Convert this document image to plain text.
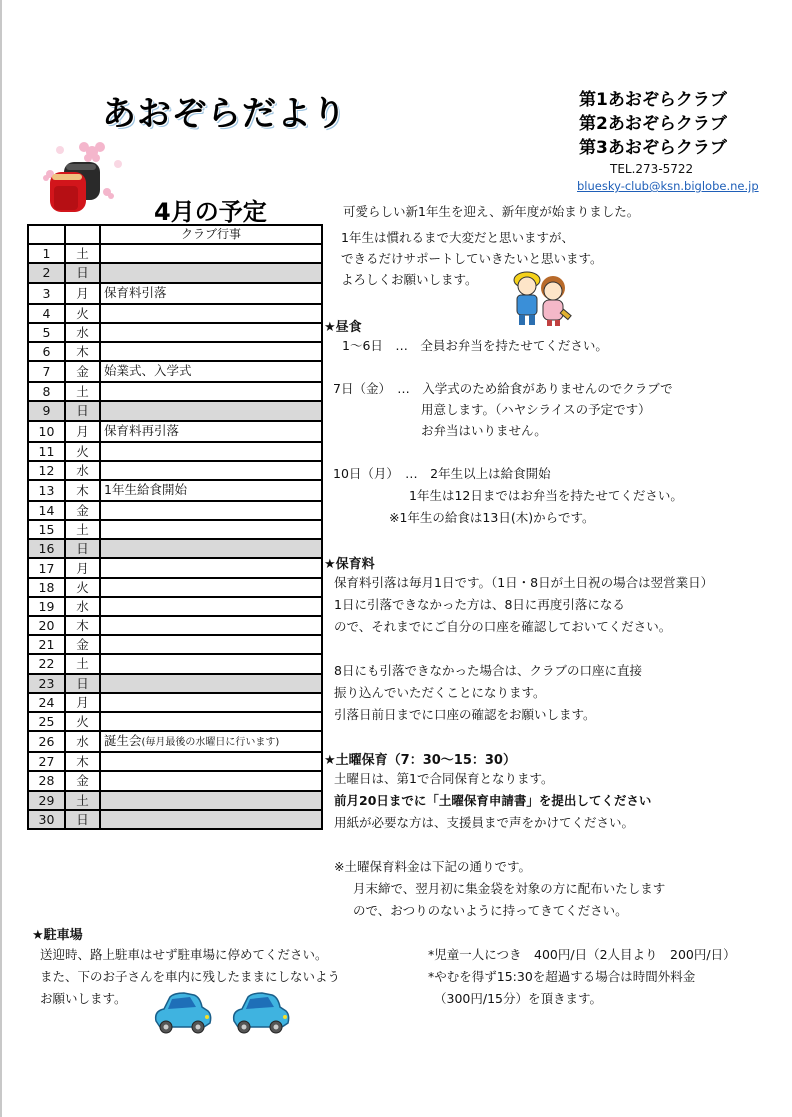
あおぞらだより	第1あおぞらクラブ
第2あおぞらクラブ
第3あおぞらクラブ
TEL.273-5722
bluesky-club@ksn.biglobe.ne.jp
4月の予定
		クラブ行事
1	土	
2	日	
3	月	保育料引落
4	火	
5	水	
6	木	
7	金	始業式、入学式
8	土	
9	日	
10	月	保育料再引落
11	火	
12	水	
13	木	1年生給食開始
14	金	
15	土	
16	日	
17	月	
18	火	
19	水	
20	木	
21	金	
22	土	
23	日	
24	月	
25	火	
26	水	誕生会(毎月最後の水曜日に行います)
27	木	
28	金	
29	土	
30	日	
可愛らしい新1年生を迎え、新年度が始まりました。
1年生は慣れるまで大変だと思いますが、
できるだけサポートしていきたいと思います。
よろしくお願いします。
★昼食
1～6日　…　全員お弁当を持たせてください。
7日（金）　…　入学式のため給食がありませんのでクラブで
用意します。（ハヤシライスの予定です）
お弁当はいりません。
10日（月）　…　2年生以上は給食開始
1年生は12日まではお弁当を持たせてください。
※1年生の給食は13日(木)からです。
★保育料
保育料引落は毎月1日です。（1日・8日が土日祝の場合は翌営業日）
1日に引落できなかった方は、8日に再度引落になる
ので、それまでにご自分の口座を確認しておいてください。
8日にも引落できなかった場合は、クラブの口座に直接
振り込んでいただくことになります。
引落日前日までに口座の確認をお願いします。
★土曜保育（7：30～15：30）
土曜日は、第1で合同保育となります。
前月20日までに「土曜保育申請書」を提出してください
用紙が必要な方は、支援員まで声をかけてください。
※土曜保育料金は下記の通りです。
月末締で、翌月初に集金袋を対象の方に配布いたします
ので、おつりのないように持ってきてください。
★駐車場
送迎時、路上駐車はせず駐車場に停めてください。
また、下のお子さんを車内に残したままにしないよう
お願いします。
*児童一人につき　400円/日（2人目より　200円/日）
*やむを得ず15:30を超過する場合は時間外料金
（300円/15分）を頂きます。
